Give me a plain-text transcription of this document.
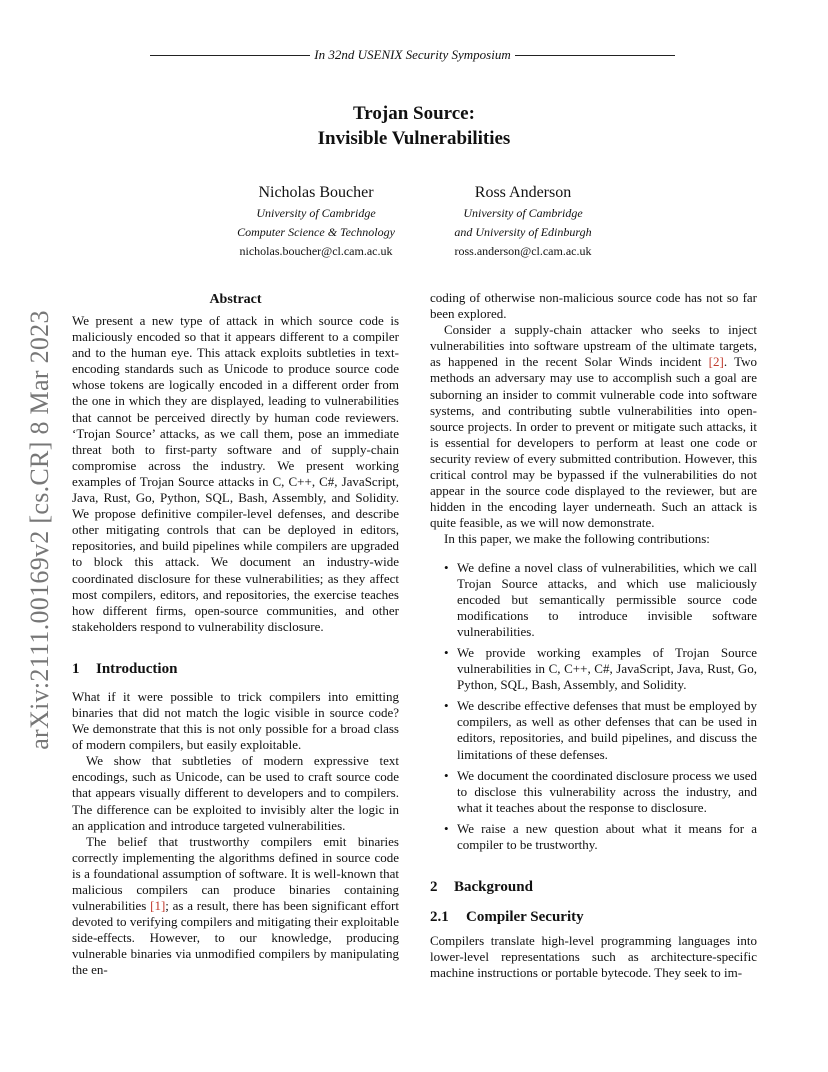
In 32nd USENIX Security Symposium
Trojan Source:
Invisible Vulnerabilities
Nicholas Boucher
University of Cambridge
Computer Science & Technology
nicholas.boucher@cl.cam.ac.uk
Ross Anderson
University of Cambridge
and University of Edinburgh
ross.anderson@cl.cam.ac.uk
arXiv:2111.00169v2 [cs.CR] 8 Mar 2023
Abstract

We present a new type of attack in which source code is maliciously encoded so that it appears different to a compiler and to the human eye. This attack exploits subtleties in text-encoding standards such as Unicode to produce source code whose tokens are logically encoded in a different order from the one in which they are displayed, leading to vulnerabilities that cannot be perceived directly by human code reviewers. ‘Trojan Source’ attacks, as we call them, pose an immediate threat both to first-party software and of supply-chain compromise across the industry. We present working examples of Trojan Source attacks in C, C++, C#, JavaScript, Java, Rust, Go, Python, SQL, Bash, Assembly, and Solidity. We propose definitive compiler-level defenses, and describe other mitigating controls that can be deployed in editors, repositories, and build pipelines while compilers are upgraded to block this attack. We document an industry-wide coordinated disclosure for these vulnerabilities; as they affect most compilers, editors, and repositories, the exercise teaches how different firms, open-source communities, and other stakeholders respond to vulnerability disclosure.

1	Introduction

What if it were possible to trick compilers into emitting binaries that did not match the logic visible in source code? We demonstrate that this is not only possible for a broad class of modern compilers, but easily exploitable.

We show that subtleties of modern expressive text encodings, such as Unicode, can be used to craft source code that appears visually different to developers and to compilers. The difference can be exploited to invisibly alter the logic in an application and introduce targeted vulnerabilities.

The belief that trustworthy compilers emit binaries correctly implementing the algorithms defined in source code is a foundational assumption of software. It is well-known that malicious compilers can produce binaries containing vulnerabilities [1]; as a result, there has been significant effort devoted to verifying compilers and mitigating their exploitable side-effects. However, to our knowledge, producing vulnerable binaries via unmodified compilers by manipulating the en-

coding of otherwise non-malicious source code has not so far been explored.

Consider a supply-chain attacker who seeks to inject vulnerabilities into software upstream of the ultimate targets, as happened in the recent Solar Winds incident [2]. Two methods an adversary may use to accomplish such a goal are suborning an insider to commit vulnerable code into software systems, and contributing subtle vulnerabilities into open-source projects. In order to prevent or mitigate such attacks, it is essential for developers to perform at least one code or security review of every submitted contribution. However, this critical control may be bypassed if the vulnerabilities do not appear in the source code displayed to the reviewer, but are hidden in the encoding layer underneath. Such an attack is quite feasible, as we will now demonstrate.

In this paper, we make the following contributions:

• We define a novel class of vulnerabilities, which we call Trojan Source attacks, and which use maliciously encoded but semantically permissible source code modifications to introduce invisible software vulnerabilities.
• We provide working examples of Trojan Source vulnerabilities in C, C++, C#, JavaScript, Java, Rust, Go, Python, SQL, Bash, Assembly, and Solidity.
• We describe effective defenses that must be employed by compilers, as well as other defenses that can be used in editors, repositories, and build pipelines, and discuss the limitations of these defenses.
• We document the coordinated disclosure process we used to disclose this vulnerability across the industry, and what it teaches about the response to disclosure.
• We raise a new question about what it means for a compiler to be trustworthy.
2	Background
2.1	Compiler Security

Compilers translate high-level programming languages into lower-level representations such as architecture-specific machine instructions or portable bytecode. They seek to im-
